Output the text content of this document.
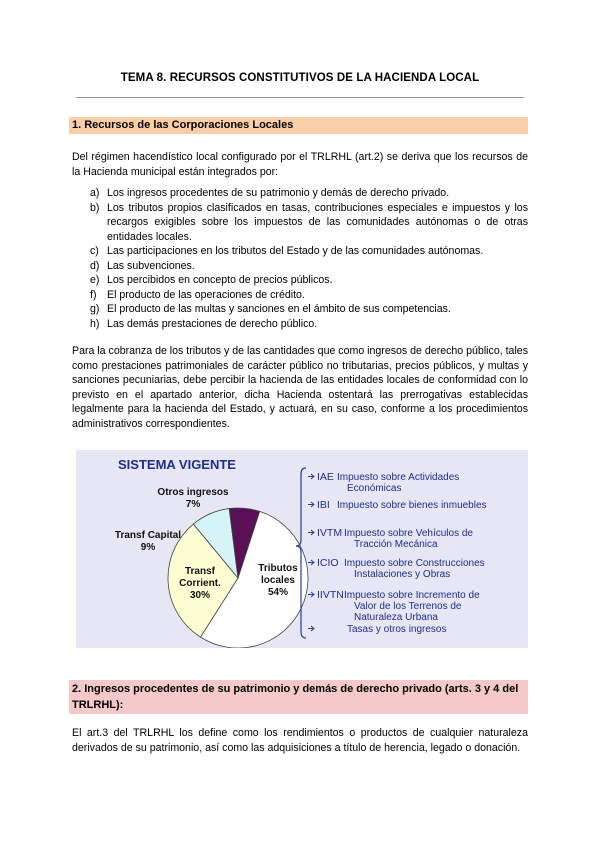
TEMA 8. RECURSOS CONSTITUTIVOS DE LA HACIENDA LOCAL
1. Recursos de las Corporaciones Locales
Del régimen hacendístico local configurado por el TRLRHL (art.2) se deriva que los recursos de la Hacienda municipal están integrados por:
a) Los ingresos procedentes de su patrimonio y demás de derecho privado.
b) Los tributos propios clasificados en tasas, contribuciones especiales e impuestos y los recargos exigibles sobre los impuestos de las comunidades autónomas o de otras entidades locales.
c) Las participaciones en los tributos del Estado y de las comunidades autónomas.
d) Las subvenciones.
e) Los percibidos en concepto de precios públicos.
f) El producto de las operaciones de crédito.
g) El producto de las multas y sanciones en el ámbito de sus competencias.
h) Las demás prestaciones de derecho público.
Para la cobranza de los tributos y de las cantidades que como ingresos de derecho público, tales como prestaciones patrimoniales de carácter público no tributarias, precios públicos, y multas y sanciones pecuniarias, debe percibir la hacienda de las entidades locales de conformidad con lo previsto en el apartado anterior, dicha Hacienda ostentará las prerrogativas establecidas legalmente para la hacienda del Estado, y actuará, en su caso, conforme a los procedimientos administrativos correspondientes.
SISTEMA VIGENTE
Tributos
locales
54%
Transf
Corrient.
30%
Transf Capital
9%
Otros ingresos
7%
IAE Impuesto sobre Actividades
Económicas
IBI Impuesto sobre bienes inmuebles
IVTM Impuesto sobre Vehículos de
Tracción Mecánica
ICIO Impuesto sobre Construcciones
Instalaciones y Obras
IIVTN Impuesto sobre Incremento de
Valor de los Terrenos de
Naturaleza Urbana
Tasas y otros ingresos
2. Ingresos procedentes de su patrimonio y demás de derecho privado (arts. 3 y 4 del TRLRHL):
El art.3 del TRLRHL los define como los rendimientos o productos de cualquier naturaleza derivados de su patrimonio, así como las adquisiciones a título de herencia, legado o donación.
